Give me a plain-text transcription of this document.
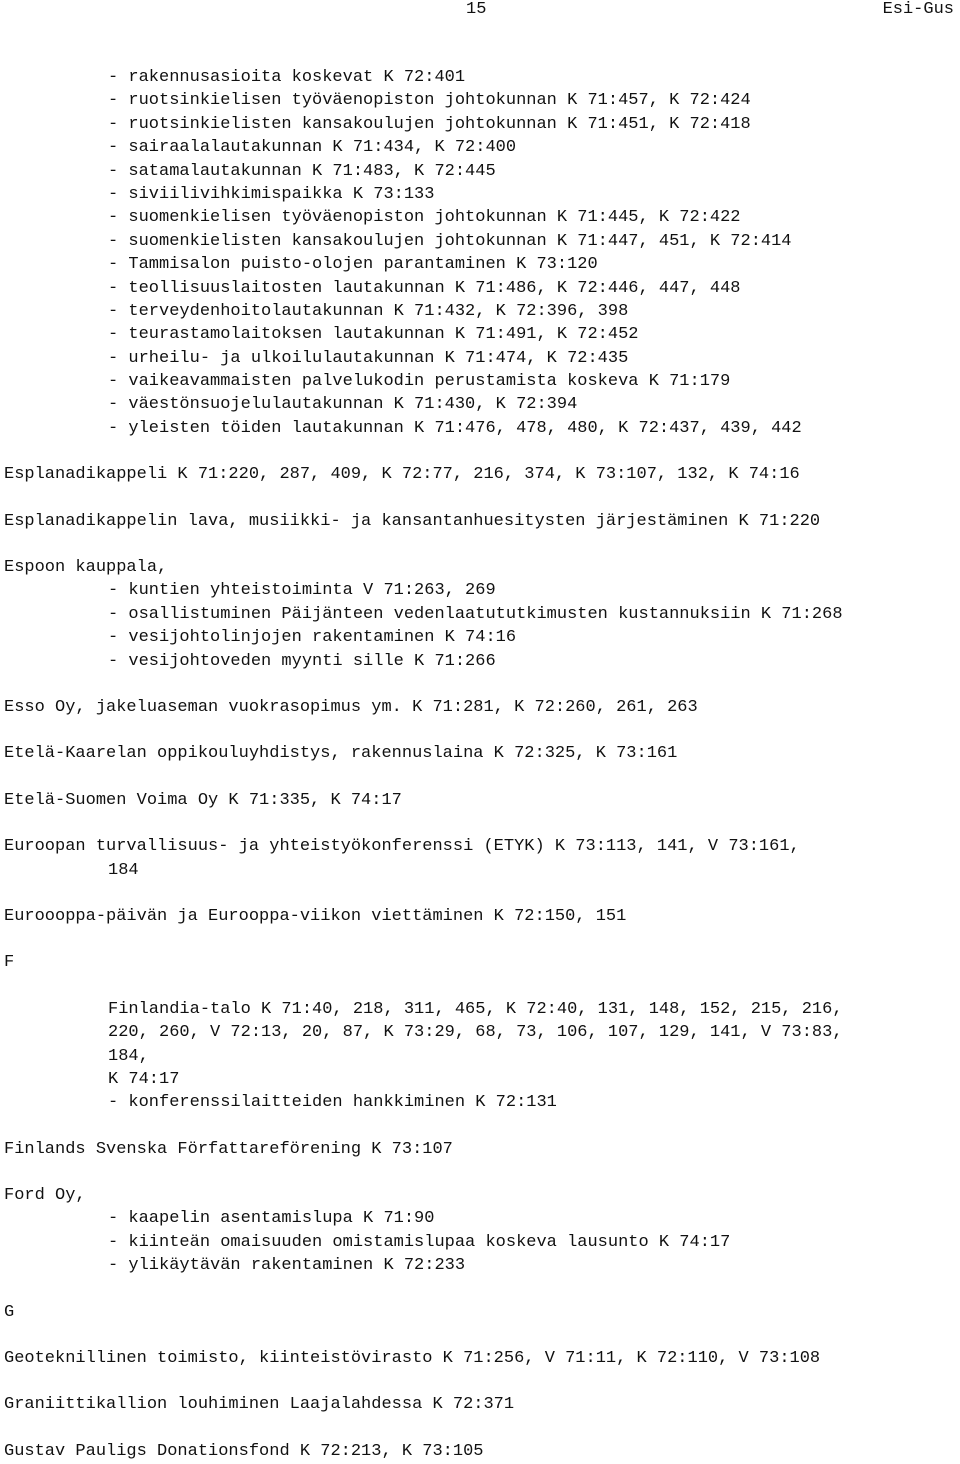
15	Esi-Gus
- rakennusasioita koskevat K 72:401
- ruotsinkielisen työväenopiston johtokunnan K 71:457, K 72:424
- ruotsinkielisten kansakoulujen johtokunnan K 71:451, K 72:418
- sairaalalautakunnan K 71:434, K 72:400
- satamalautakunnan K 71:483, K 72:445
- siviilivihkimispaikka K 73:133
- suomenkielisen työväenopiston johtokunnan K 71:445, K 72:422
- suomenkielisten kansakoulujen johtokunnan K 71:447, 451, K 72:414
- Tammisalon puisto-olojen parantaminen K 73:120
- teollisuuslaitosten lautakunnan K 71:486, K 72:446, 447, 448
- terveydenhoitolautakunnan K 71:432, K 72:396, 398
- teurastamolaitoksen lautakunnan K 71:491, K 72:452
- urheilu- ja ulkoilulautakunnan K 71:474, K 72:435
- vaikeavammaisten palvelukodin perustamista koskeva K 71:179
- väestönsuojelulautakunnan K 71:430, K 72:394
- yleisten töiden lautakunnan K 71:476, 478, 480, K 72:437, 439, 442
Esplanadikappeli K 71:220, 287, 409, K 72:77, 216, 374, K 73:107, 132, K 74:16
Esplanadikappelin lava, musiikki- ja kansantanhuesitysten järjestäminen K 71:220
Espoon kauppala,
- kuntien yhteistoiminta V 71:263, 269
- osallistuminen Päijänteen vedenlaatututkimusten kustannuksiin K 71:268
- vesijohtolinjojen rakentaminen K 74:16
- vesijohtoveden myynti sille K 71:266
Esso Oy, jakeluaseman vuokrasopimus ym. K 71:281, K 72:260, 261, 263
Etelä-Kaarelan oppikouluyhdistys, rakennuslaina K 72:325, K 73:161
Etelä-Suomen Voima Oy K 71:335, K 74:17
Euroopan turvallisuus- ja yhteistyökonferenssi (ETYK) K 73:113, 141, V 73:161,
184
Euroooppa-päivän ja Eurooppa-viikon viettäminen K 72:150, 151
F
Finlandia-talo K 71:40, 218, 311, 465, K 72:40, 131, 148, 152, 215, 216,
220, 260, V 72:13, 20, 87, K 73:29, 68, 73, 106, 107, 129, 141, V 73:83,
184,
K 74:17
- konferenssilaitteiden hankkiminen K 72:131
Finlands Svenska Författareförening K 73:107
Ford Oy,
- kaapelin asentamislupa K 71:90
- kiinteän omaisuuden omistamislupaa koskeva lausunto K 74:17
- ylikäytävän rakentaminen K 72:233
G
Geoteknillinen toimisto, kiinteistövirasto K 71:256, V 71:11, K 72:110, V 73:108
Graniittikallion louhiminen Laajalahdessa K 72:371
Gustav Pauligs Donationsfond K 72:213, K 73:105
